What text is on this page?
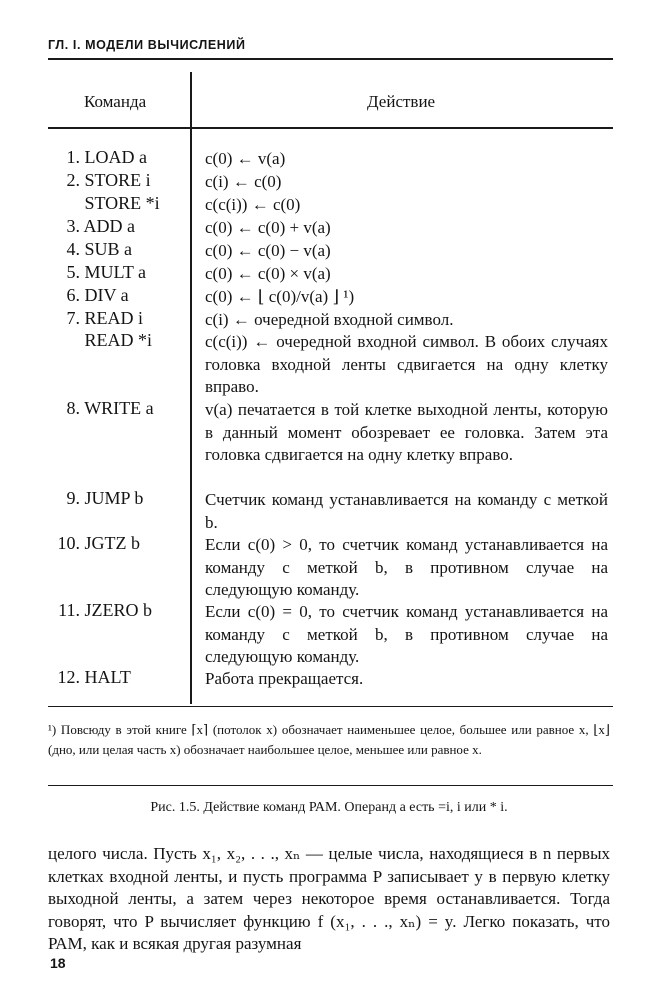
ГЛ. I. МОДЕЛИ ВЫЧИСЛЕНИЙ
Команда	Действие
1. LOAD a	c(0) ← v(a)
2. STORE i	c(i) ← c(0)
STORE *i	c(c(i)) ← c(0)
3. ADD a	c(0) ← c(0) + v(a)
4. SUB a	c(0) ← c(0) − v(a)
5. MULT a	c(0) ← c(0) × v(a)
6. DIV a	c(0) ← ⌊ c(0)/v(a) ⌋ ¹)
7. READ i	c(i) ← очередной входной символ.
READ *i	c(c(i)) ← очередной входной символ. В обоих случаях головка входной ленты сдвигается на одну клетку вправо.
8. WRITE a	v(a) печатается в той клетке выходной ленты, которую в данный момент обозревает ее головка. Затем эта головка сдвигается на одну клетку вправо.
9. JUMP b	Счетчик команд устанавливается на команду с меткой b.
10. JGTZ b	Если c(0) > 0, то счетчик команд устанавливается на команду с меткой b, в противном случае на следующую команду.
11. JZERO b	Если c(0) = 0, то счетчик команд устанавливается на команду с меткой b, в противном случае на следующую команду.
12. HALT	Работа прекращается.
¹) Повсюду в этой книге ⌈x⌉ (потолок x) обозначает наименьшее целое, большее или равное x, ⌊x⌋ (дно, или целая часть x) обозначает наибольшее целое, меньшее или равное x.
Рис. 1.5. Действие команд РАМ. Операнд a есть =i, i или * i.
целого числа. Пусть x₁, x₂, . . ., xₙ — целые числа, находящиеся в n первых клетках входной ленты, и пусть программа P записывает y в первую клетку выходной ленты, а затем через некоторое время останавливается. Тогда говорят, что P вычисляет функцию f (x₁, . . ., xₙ) = y. Легко показать, что РАМ, как и всякая другая разумная
18
